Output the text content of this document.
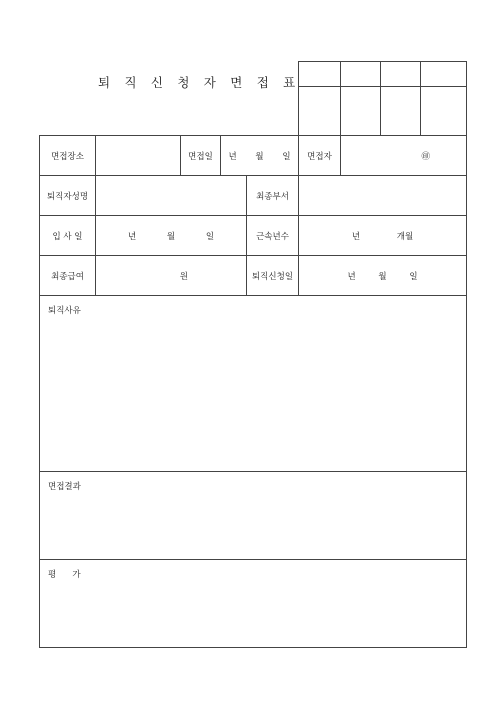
퇴 직 신 청 자 면 접 표

면접장소		면접일	년 월 일		면접자	㊞

퇴직자성명				최종부서		
입 사 일	년 월 일			근속년수	년 개월	
최종급여	원			퇴직신청일	년 월 일	

퇴직사유						

면접결과						

평      가						
